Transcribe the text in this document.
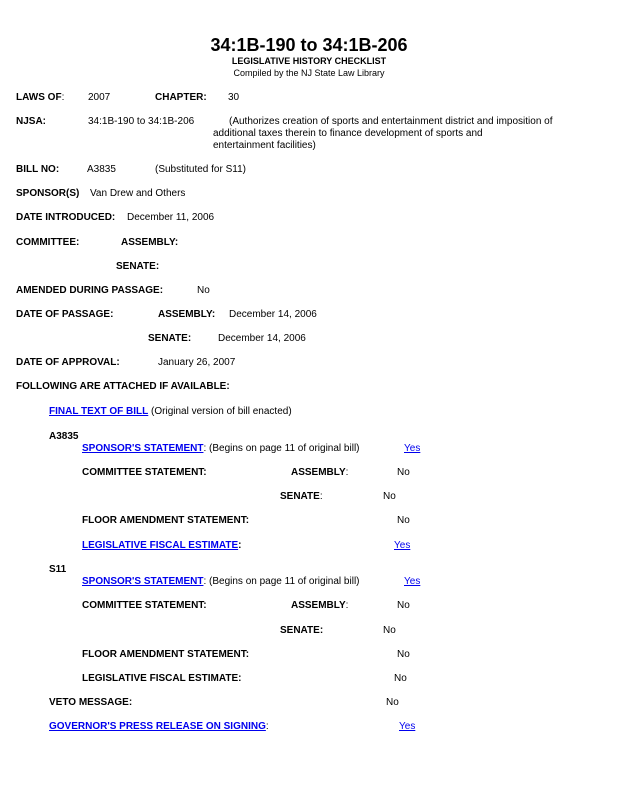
34:1B-190 to 34:1B-206
LEGISLATIVE HISTORY CHECKLIST
Compiled by the NJ State Law Library
LAWS OF: 2007	CHAPTER: 30
NJSA:	34:1B-190 to 34:1B-206	(Authorizes creation of sports and entertainment district and imposition of
additional taxes therein to finance development of sports and
entertainment facilities)
BILL NO:	A3835	(Substituted for S11)
SPONSOR(S) Van Drew and Others
DATE INTRODUCED: December 11, 2006
COMMITTEE:	ASSEMBLY:
SENATE:
AMENDED DURING PASSAGE:	No
DATE OF PASSAGE:	ASSEMBLY: December 14, 2006
SENATE:	December 14, 2006
DATE OF APPROVAL:	January 26, 2007
FOLLOWING ARE ATTACHED IF AVAILABLE:
FINAL TEXT OF BILL (Original version of bill enacted)
A3835
SPONSOR'S STATEMENT: (Begins on page 11 of original bill)	Yes
COMMITTEE STATEMENT:	ASSEMBLY:	No
SENATE:	No
FLOOR AMENDMENT STATEMENT:	No
LEGISLATIVE FISCAL ESTIMATE:	Yes
S11
SPONSOR'S STATEMENT: (Begins on page 11 of original bill)	Yes
COMMITTEE STATEMENT:	ASSEMBLY:	No
SENATE:	No
FLOOR AMENDMENT STATEMENT:	No
LEGISLATIVE FISCAL ESTIMATE:	No
VETO MESSAGE:	No
GOVERNOR'S PRESS RELEASE ON SIGNING:	Yes
